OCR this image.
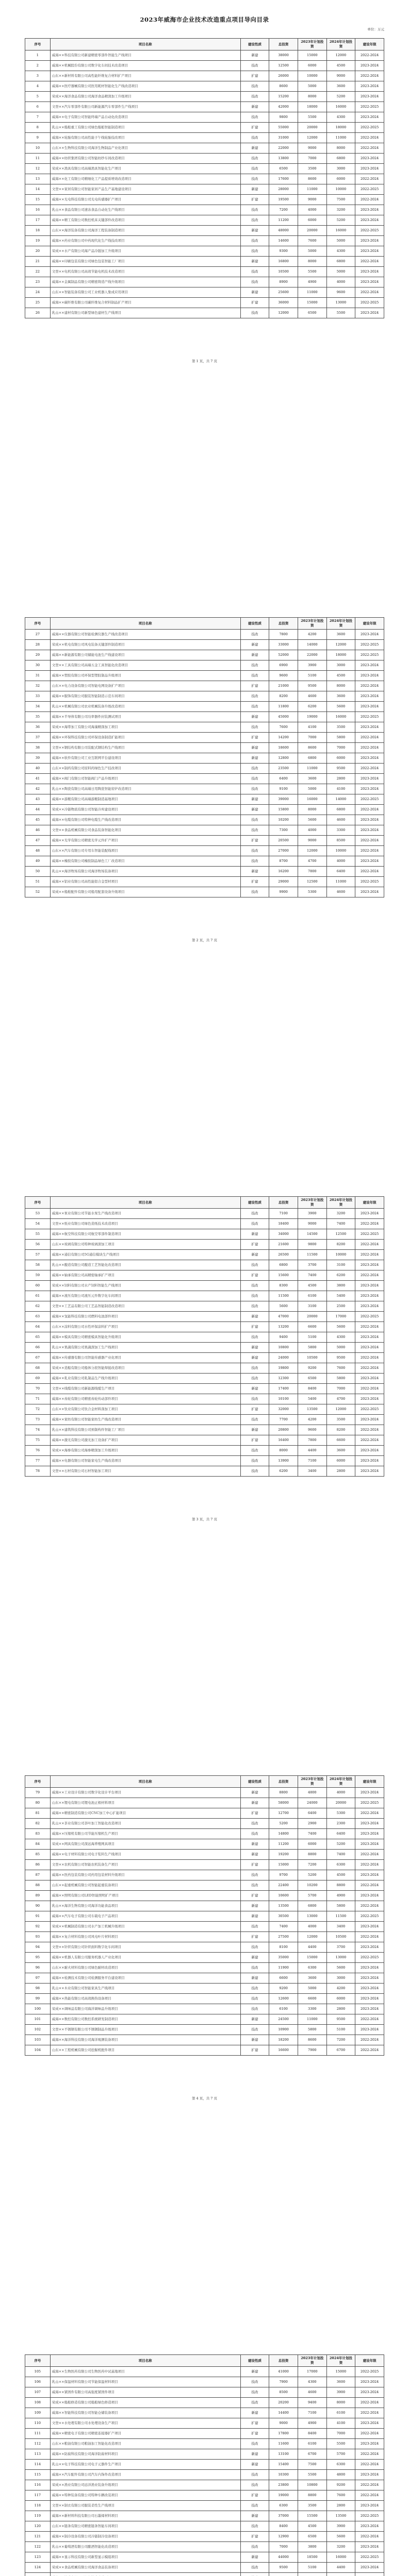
2023年威海市企业技术改造重点项目导向目录
单位：万元
序号	项目名称	建设性质	总投资	2023年计划投资	2024年计划投资	建设年限
1	威海××科技有限公司新建精密零部件智能生产线项目	新建	38000	15000	12000	2022-2024
2	威海××机械股份有限公司数字化车间技术改造项目	技改	12500	6000	4500	2023-2024
3	山东××新材料有限公司高性能纤维复合材料扩产项目	扩建	26000	10000	9000	2022-2024
4	威海××医疗器械有限公司医用耗材智能化生产线改造项目	技改	8600	5000	3600	2023-2024
5	荣成××海洋食品有限公司海洋食品精深加工升级项目	技改	15200	8000	5200	2023-2024
6	文登××汽车零部件有限公司新能源汽车零部件生产线项目	新建	42000	18000	16000	2022-2025
7	威海××电子有限公司智能终端产品自动化改造项目	技改	9800	5500	4300	2023-2024
8	乳山××船舶重工有限公司绿色船舶智能制造项目	扩建	55000	20000	18000	2022-2025
9	威海××轮胎有限公司高性能子午线轮胎技改项目	技改	31000	12000	11000	2022-2024
10	山东××生物科技有限公司海洋生物制品产业化项目	新建	22000	9000	8000	2022-2024
11	威海××纺织集团有限公司智能纺纱车间改造项目	技改	13800	7000	6800	2023-2024
12	荣成××渔具有限公司高端渔具智能化生产项目	技改	6500	3500	3000	2023-2024
13	威海××化工有限公司精细化工产品提质增效改造项目	技改	17600	8600	6000	2022-2024
14	文登××家居有限公司智能家居产品生产基地建设项目	新建	28000	11000	10000	2022-2025
15	威海××光电科技有限公司光电传感器扩产项目	扩建	19500	9000	7500	2022-2024
16	乳山××食品有限公司速冻食品自动化生产线项目	技改	7200	4000	3200	2023-2024
17	威海××精工有限公司数控机床关键部件改造项目	技改	11200	6000	5200	2023-2024
18	山东××海洋装备有限公司海洋工程装备制造项目	新建	48000	20000	16000	2022-2025
19	威海××药业有限公司中药现代化生产线技改项目	技改	14600	7600	5000	2023-2024
20	荣成××水产有限公司海产品冷链加工升级项目	技改	9300	5000	4300	2023-2024
21	威海××印刷包装有限公司绿色包装智能工厂项目	新建	16800	8000	6800	2022-2024
22	文登××电机有限公司高效节能电机技术改造项目	技改	10500	5500	5000	2023-2024
23	威海××金属制品有限公司精密铸造产线升级项目	技改	8900	4900	4000	2023-2024
24	山东××智能装备有限公司工业机器人集成应用项目	新建	25600	11000	9600	2022-2024
25	威海××碳纤维有限公司碳纤维复合材料制品扩产项目	扩建	36000	15000	13000	2022-2025
26	乳山××建材有限公司新型绿色建材生产线项目	技改	12000	6500	5500	2023-2024
第 1 页，共 7 页
序号	项目名称	建设性质	总投资	2023年计划投资	2024年计划投资	建设年限
27	威海××仪器有限公司智能检测仪器生产线改造项目	技改	7800	4200	3600	2023-2024
28	荣成××机电有限公司风电装备关键部件制造项目	新建	33000	14000	12000	2022-2025
29	威海××新能源有限公司储能电池生产线建设项目	新建	52000	22000	18000	2022-2025
30	文登××工具有限公司高端五金工具智能化改造项目	技改	6900	3900	3000	2023-2024
31	威海××塑胶有限公司环保型塑胶制品升级项目	技改	9600	5100	4500	2023-2024
32	山东××电力设备有限公司智能电网设备扩产项目	扩建	21000	9500	8000	2022-2024
33	威海××服饰有限公司服装智能制造示范车间项目	技改	8200	4600	3600	2023-2024
34	乳山××机械有限公司农业机械装备升级改造项目	技改	11800	6200	5600	2023-2024
35	威海××半导体有限公司功率器件封装测试项目	新建	45000	19000	16000	2022-2025
36	荣成××海带加工有限公司海藻精深加工项目	技改	7600	4100	3500	2023-2024
37	威海××环保科技有限公司环保设备制造扩能项目	扩建	14200	7000	5800	2022-2024
38	文登××钢结构有限公司装配式钢结构生产线项目	新建	18600	8600	7000	2022-2024
39	威海××软件有限公司工业互联网平台建设项目	新建	12800	6800	6000	2023-2024
40	山东××制药有限公司原料药绿色生产技改项目	技改	23500	11000	9500	2022-2024
41	威海××阀门有限公司智能阀门产品升级项目	技改	6400	3600	2800	2023-2024
42	乳山××陶瓷有限公司高端日用陶瓷智能窑炉改造项目	技改	9100	5000	4100	2023-2024
43	威海××游艇有限公司高端游艇制造基地项目	新建	39000	16000	14000	2022-2025
44	荣成××冷链物流有限公司智能冷库建设项目	新建	15800	8000	6800	2022-2024
45	威海××电缆有限公司特种电缆生产线改造项目	技改	10200	5600	4600	2023-2024
46	文登××食品机械有限公司食品装备智能化项目	技改	7300	4000	3300	2023-2024
47	威海××光学有限公司精密光学元件扩产项目	扩建	20500	9000	8500	2022-2024
48	山东××汽车有限公司专用车智能装配线项目	技改	27000	12000	10000	2022-2024
49	威海××橡胶有限公司橡胶制品绿色工厂改造项目	技改	8700	4700	4000	2023-2024
50	乳山××海洋牧场有限公司海洋牧场装备项目	新建	16200	7800	6400	2022-2024
51	威海××铝业有限公司高性能铝合金型材项目	扩建	29000	12500	11000	2022-2025
52	荣成××船舶配件有限公司船用配套设备升级项目	技改	9900	5300	4600	2023-2024
第 2 页，共 7 页
序号	项目名称	建设性质	总投资	2023年计划投资	2024年计划投资	建设年限
53	威海××泵业有限公司节能水泵生产线改造项目	技改	7100	3900	3200	2023-2024
54	文登××纸业有限公司绿色造纸技术改造项目	技改	18400	9000	7400	2022-2024
55	威海××航空科技有限公司航空零部件制造项目	新建	34000	14500	12500	2022-2025
56	山东××玻璃有限公司特种玻璃深加工项目	扩建	21600	9800	8200	2022-2024
57	威海××通信有限公司5G通信模块生产线项目	新建	26500	11500	10000	2022-2024
58	乳山××酿造有限公司酿造工艺智能化改造项目	技改	6800	3700	3100	2023-2024
59	威海××轴承有限公司高精密轴承扩产项目	扩建	15600	7400	6200	2022-2024
60	荣成××饲料有限公司水产饲料智能生产线项目	技改	8300	4500	3800	2023-2024
61	威海××液压有限公司液压元件数字化车间项目	技改	11500	6100	5400	2023-2024
62	文登××工艺品有限公司工艺品智能制造改造项目	技改	5600	3100	2500	2023-2024
63	威海××氢能科技有限公司燃料电池部件项目	新建	47000	20000	17000	2022-2025
64	山东××涂料有限公司水性环保涂料扩产项目	扩建	13200	6600	5600	2022-2024
65	威海××模具有限公司精密模具智能化升级项目	技改	9400	5100	4300	2023-2024
66	乳山××果蔬有限公司果蔬深加工生产线项目	新建	10800	5800	5000	2023-2024
67	威海××传感器有限公司智能传感器产业化项目	新建	24000	10500	9500	2022-2024
68	荣成××造船有限公司船体分段智能焊接改造项目	技改	19800	9200	7600	2022-2024
69	威海××乳业有限公司乳制品生产线升级项目	技改	12300	6500	5800	2023-2024
70	文登××线缆有限公司新能源线缆生产项目	新建	17400	8400	7000	2022-2024
71	威海××齿轮有限公司精密齿轮传动部件项目	技改	10100	5400	4700	2023-2024
72	山东××钛业有限公司钛合金材料深加工项目	扩建	32000	13500	12000	2022-2025
73	威海××家纺有限公司智能家纺生产线改造项目	技改	7700	4200	3500	2023-2024
74	乳山××建筑科技有限公司预制构件智能工厂项目	新建	20800	9600	8200	2022-2024
75	威海××激光有限公司激光加工设备扩产项目	扩建	16400	7800	6600	2022-2024
76	荣成××海参有限公司海参精深加工升级项目	技改	8000	4400	3600	2023-2024
77	威海××电器有限公司智能家电生产线改造项目	技改	13900	7100	6000	2023-2024
78	文登××石材有限公司石材智能加工项目	技改	6200	3400	2800	2023-2024
第 3 页，共 7 页
序号	项目名称	建设性质	总投资	2023年计划投资	2024年计划投资	建设年限
79	威海××工业设计有限公司数字化设计平台项目	新建	8800	4800	4000	2023-2024
80	山东××锂电有限公司锂电池正极材料项目	新建	58000	24000	20000	2022-2025
81	威海××精密制造有限公司CNC加工中心扩能项目	扩建	12700	6400	5300	2022-2024
82	乳山××茶业有限公司茶叶加工智能化改造项目	技改	5200	2900	2300	2023-2024
83	威海××压缩机有限公司节能压缩机生产项目	技改	14800	7400	6400	2023-2024
84	荣成××网具有限公司深远海养殖网具项目	新建	11200	6000	5200	2023-2024
85	威海××电子材料有限公司电子浆料生产线项目	新建	19200	8800	7400	2022-2024
86	文登××农机有限公司智能农机装备生产项目	扩建	15000	7200	6300	2022-2024
87	威海××医药包装有限公司药用包装材料升级项目	技改	9700	5200	4500	2023-2024
88	山东××起重机械有限公司智能起重装备项目	技改	22400	10200	8800	2022-2024
89	威海××照明有限公司LED智能照明扩产项目	扩建	10600	5700	4900	2023-2024
90	乳山××海洋生物有限公司海洋功能食品项目	新建	13500	6800	5800	2022-2024
91	威海××汽车电子有限公司车载电子产品项目	新建	30500	13000	11500	2022-2025
92	荣成××机械制造有限公司水产加工机械升级项目	技改	7400	4000	3400	2023-2024
93	威海××复合材料有限公司风电叶片材料项目	扩建	27500	12000	10500	2022-2024
94	文登××针织有限公司针织面料数字化车间项目	技改	8100	4400	3700	2023-2024
95	威海××机器人有限公司服务机器人产业化项目	新建	35000	15000	13000	2022-2025
96	山东××耐火材料有限公司绿色耐材改造项目	技改	11900	6300	5600	2023-2024
97	威海××检测技术有限公司检测服务平台建设项目	新建	6600	3600	3000	2023-2024
98	乳山××木业有限公司智能家具生产线项目	技改	9200	5000	4200	2023-2024
99	威海××热能有限公司高效换热设备项目	技改	12600	6600	6000	2023-2024
100	荣成××调味品有限公司海洋调味品升级项目	技改	6100	3300	2800	2023-2024
101	威海××数控有限公司数控系统研发制造项目	新建	24500	11000	9500	2022-2024
102	文登××不锈钢有限公司不锈钢制品升级项目	技改	10900	5800	5100	2023-2024
103	威海××海洋科技有限公司海洋观测装备项目	新建	18200	8600	7200	2022-2024
104	山东××工程机械有限公司挖掘机配件项目	扩建	16600	7900	6700	2022-2024
第 4 页，共 7 页
序号	项目名称	建设性质	总投资	2023年计划投资	2024年计划投资	建设年限
105	威海××生物医药有限公司生物医药中试基地项目	新建	41000	17000	15000	2022-2025
106	乳山××保温材料有限公司节能保温材料项目	技改	7900	4300	3600	2023-2024
107	威海××紧固件有限公司高强度紧固件项目	技改	8500	4600	3900	2023-2024
108	荣成××船舶修造有限公司船舶绿色修造项目	技改	20200	9400	8000	2022-2024
109	威海××智能科技有限公司智能仓储装备项目	新建	14400	7100	6100	2022-2024
110	文登××水处理有限公司水处理设备生产项目	扩建	9000	4900	4100	2023-2024
111	威海××精密电子有限公司精密连接器扩产项目	扩建	17800	8400	7000	2022-2024
112	山东××粮油有限公司粮油加工智能化改造项目	技改	11600	6100	5500	2023-2024
113	威海××防腐科技有限公司海洋防腐材料项目	新建	13100	6700	5700	2022-2024
114	乳山××电子科技有限公司电子元器件生产项目	新建	15400	7500	6300	2022-2024
115	威海××汽车配件有限公司汽车内饰件改造项目	技改	10300	5500	4800	2023-2024
116	荣成××渔业有限公司远洋渔业装备升级项目	技改	23800	10800	9200	2022-2024
117	威海××特种装备有限公司特种车辆改装项目	扩建	19000	8800	7600	2022-2024
118	文登××制衣有限公司服装柔性生产线项目	技改	6300	3500	2800	2023-2024
119	威海××新材料科技有限公司石墨烯材料项目	新建	37000	15500	13500	2022-2025
120	山东××链条有限公司精密链条智能车间项目	技改	8400	4500	3900	2023-2024
121	威海××制冷设备有限公司冷链制冷设备项目	扩建	12900	6500	5600	2022-2024
122	乳山××葡萄酒有限公司酿酒智能化改造项目	技改	7000	3800	3200	2023-2024
123	威海××显示科技有限公司新型显示模组项目	新建	44000	18500	16000	2022-2025
124	荣成××食品机械有限公司海洋食品装备项目	技改	9500	5100	4400	2023-2024
